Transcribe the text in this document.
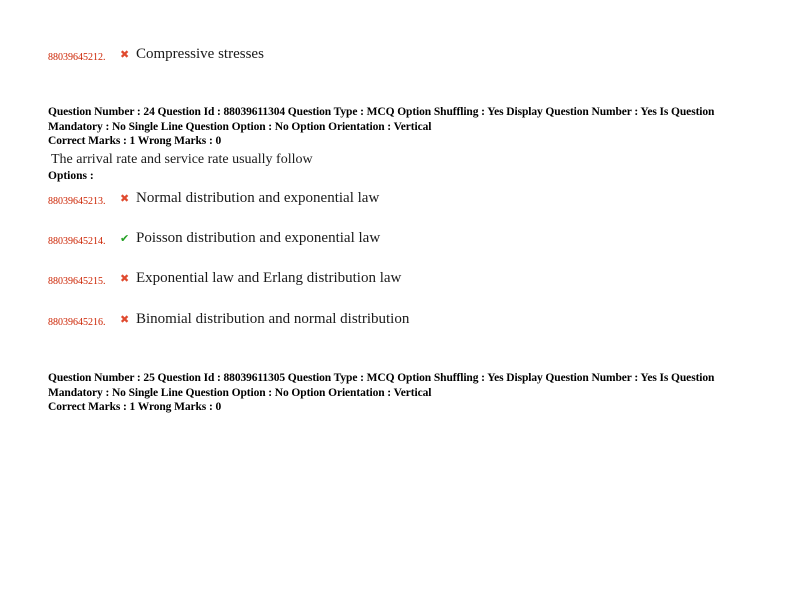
88039645212.	✖ Compressive stresses
Question Number : 24 Question Id : 88039611304 Question Type : MCQ Option Shuffling : Yes Display Question Number : Yes Is Question
Mandatory : No Single Line Question Option : No Option Orientation : Vertical
Correct Marks : 1 Wrong Marks : 0
The arrival rate and service rate usually follow
Options :
88039645213.	✖ Normal distribution and exponential law
88039645214.	✔ Poisson distribution and exponential law
88039645215.	✖ Exponential law and Erlang distribution law
88039645216.	✖ Binomial distribution and normal distribution
Question Number : 25 Question Id : 88039611305 Question Type : MCQ Option Shuffling : Yes Display Question Number : Yes Is Question
Mandatory : No Single Line Question Option : No Option Orientation : Vertical
Correct Marks : 1 Wrong Marks : 0
